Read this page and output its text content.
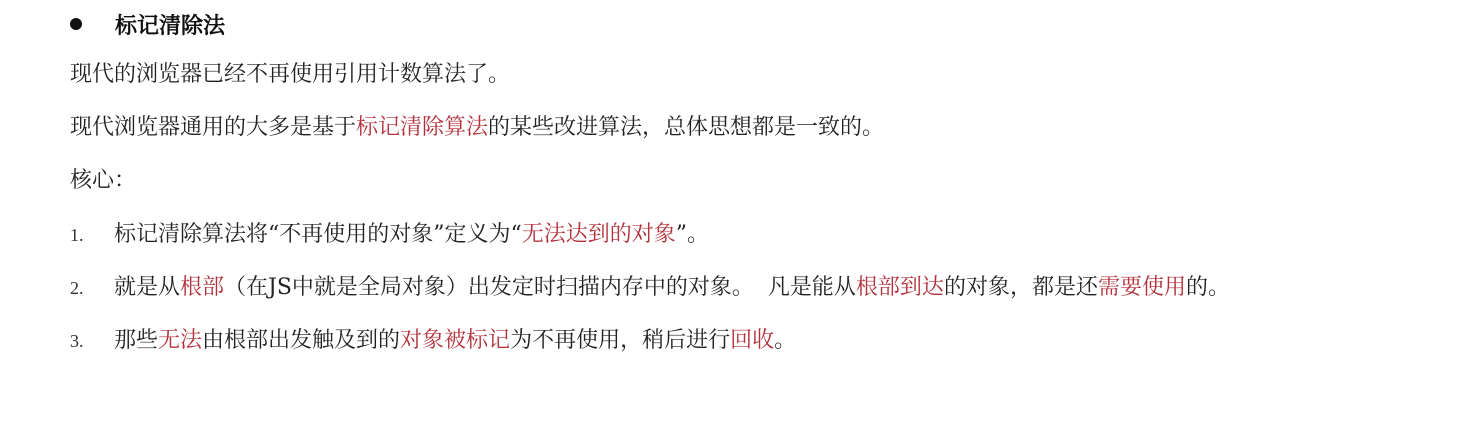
标记清除法
现代的浏览器已经不再使用引用计数算法了。
现代浏览器通用的大多是基于标记清除算法的某些改进算法，总体思想都是一致的。
核心：
1.	标记清除算法将“不再使用的对象”定义为“无法达到的对象”。
2.	就是从根部（在JS中就是全局对象）出发定时扫描内存中的对象。  凡是能从根部到达的对象，都是还需要使用的。
3.	那些无法由根部出发触及到的对象被标记为不再使用，稍后进行回收。
